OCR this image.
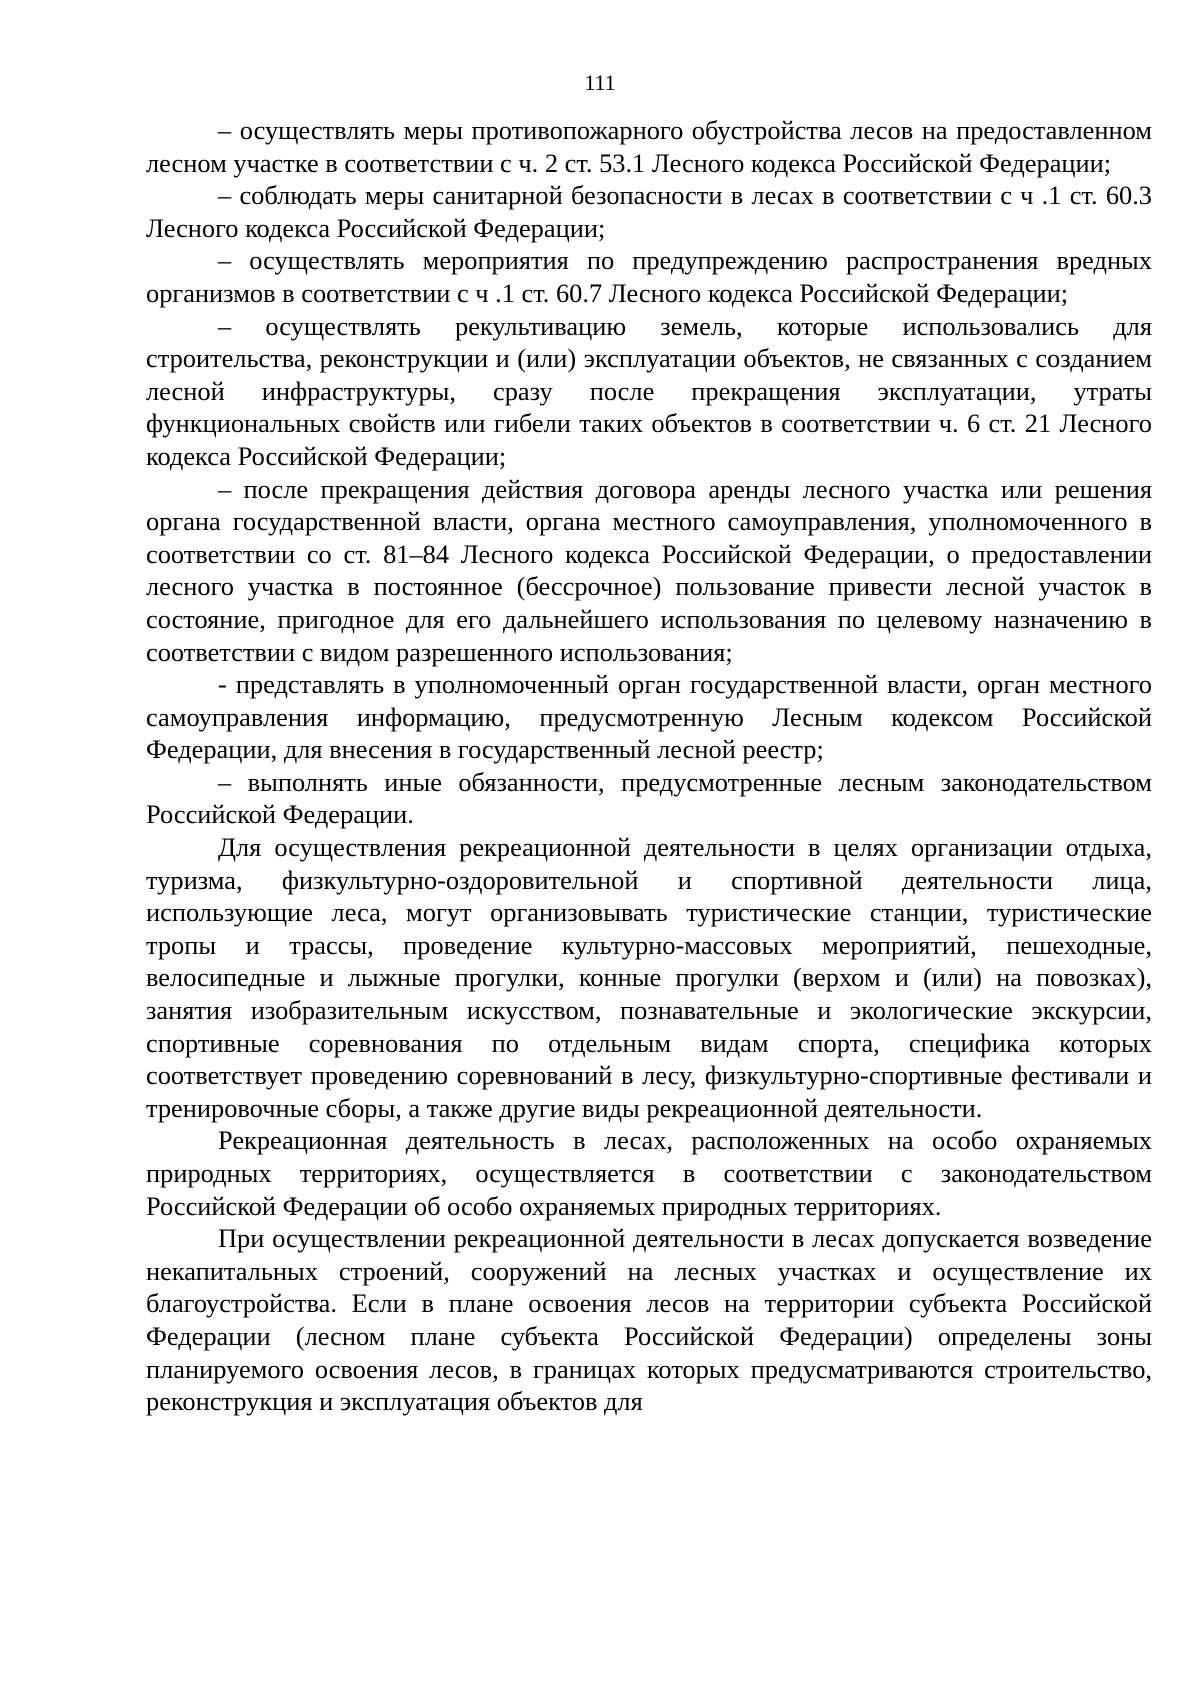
111

– осуществлять меры противопожарного обустройства лесов на предоставленном лесном участке в соответствии с ч. 2 ст. 53.1 Лесного кодекса Российской Федерации;

– соблюдать меры санитарной безопасности в лесах в соответствии с ч .1 ст. 60.3 Лесного кодекса Российской Федерации;

– осуществлять мероприятия по предупреждению распространения вредных организмов в соответствии с ч .1 ст. 60.7 Лесного кодекса Российской Федерации;

– осуществлять рекультивацию земель, которые использовались для строительства, реконструкции и (или) эксплуатации объектов, не связанных с созданием лесной инфраструктуры, сразу после прекращения эксплуатации, утраты функциональных свойств или гибели таких объектов в соответствии ч. 6 ст. 21 Лесного кодекса Российской Федерации;

– после прекращения действия договора аренды лесного участка или решения органа государственной власти, органа местного самоуправления, уполномоченного в соответствии со ст. 81–84 Лесного кодекса Российской Федерации, о предоставлении лесного участка в постоянное (бессрочное) пользование привести лесной участок в состояние, пригодное для его дальнейшего использования по целевому назначению в соответствии с видом разрешенного использования;

- представлять в уполномоченный орган государственной власти, орган местного самоуправления информацию, предусмотренную Лесным кодексом Российской Федерации, для внесения в государственный лесной реестр;

– выполнять иные обязанности, предусмотренные лесным законодательством Российской Федерации.

Для осуществления рекреационной деятельности в целях организации отдыха, туризма, физкультурно-оздоровительной и спортивной деятельности лица, использующие леса, могут организовывать туристические станции, туристические тропы и трассы, проведение культурно-массовых мероприятий, пешеходные, велосипедные и лыжные прогулки, конные прогулки (верхом и (или) на повозках), занятия изобразительным искусством, познавательные и экологические экскурсии, спортивные соревнования по отдельным видам спорта, специфика которых соответствует проведению соревнований в лесу, физкультурно-спортивные фестивали и тренировочные сборы, а также другие виды рекреационной деятельности.

Рекреационная деятельность в лесах, расположенных на особо охраняемых природных территориях, осуществляется в соответствии с законодательством Российской Федерации об особо охраняемых природных территориях.

При осуществлении рекреационной деятельности в лесах допускается возведение некапитальных строений, сооружений на лесных участках и осуществление их благоустройства. Если в плане освоения лесов на территории субъекта Российской Федерации (лесном плане субъекта Российской Федерации) определены зоны планируемого освоения лесов, в границах которых предусматриваются строительство, реконструкция и эксплуатация объектов для
